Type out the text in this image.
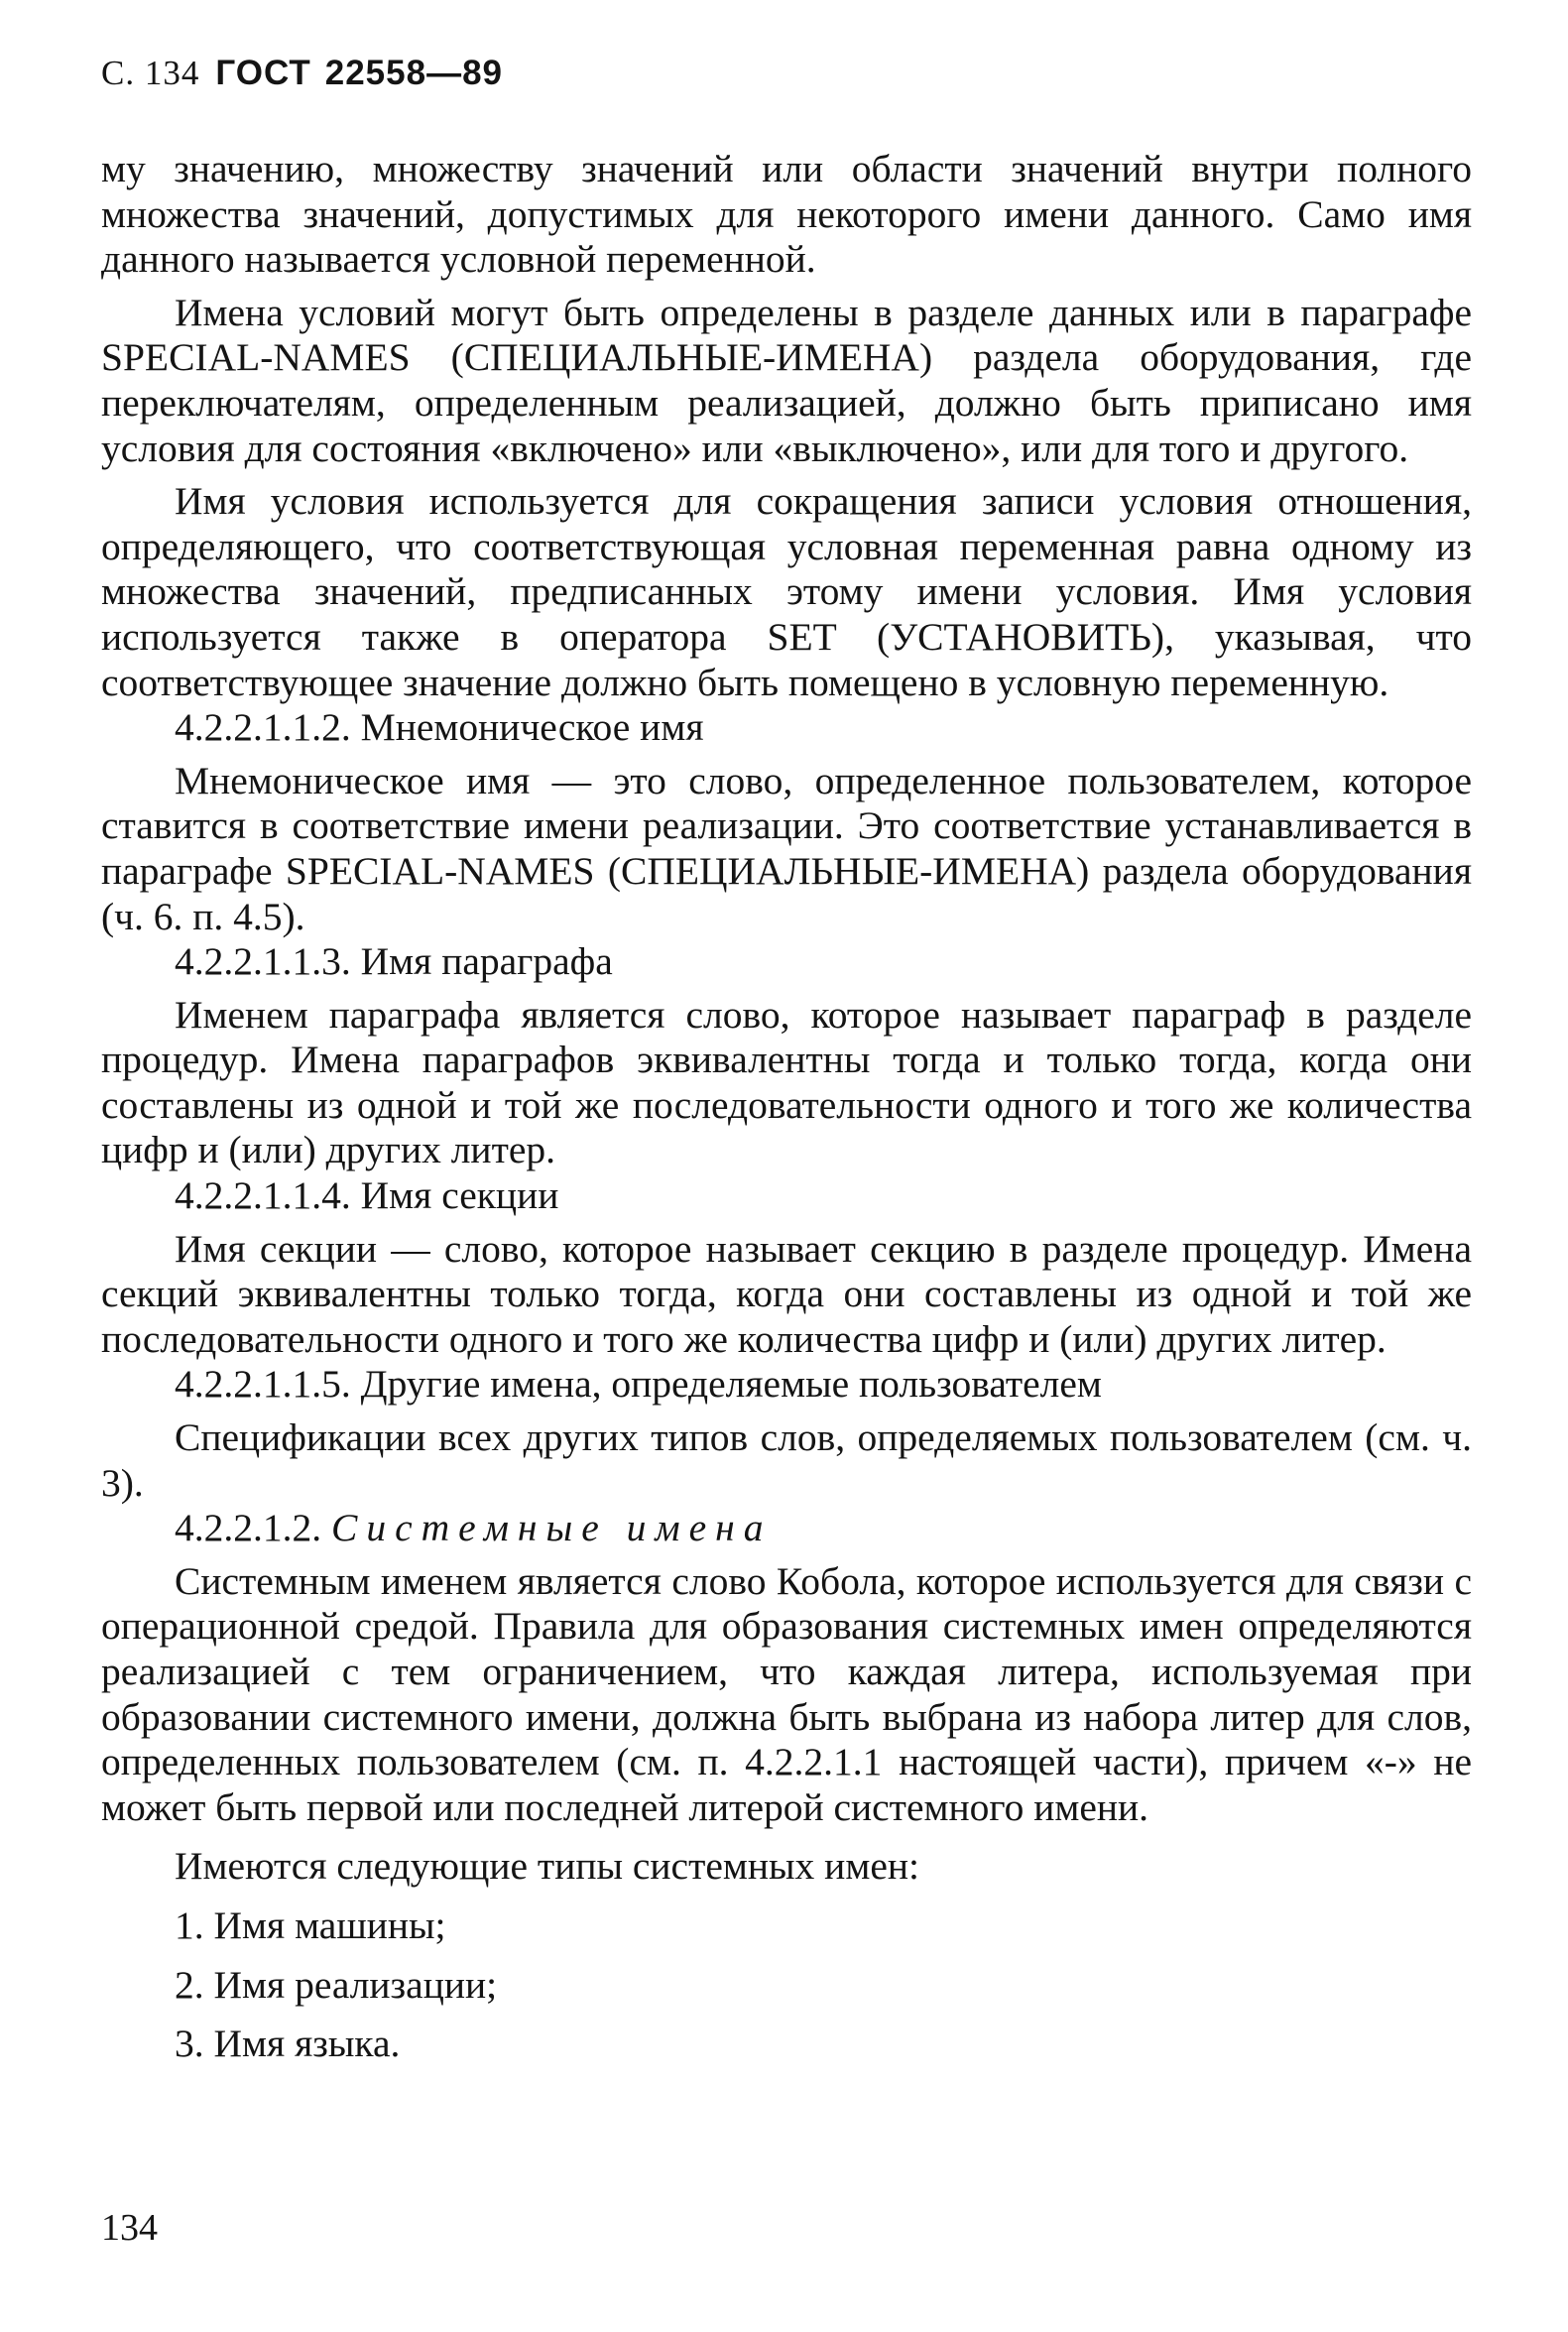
С. 134 ГОСТ 22558—89

му значению, множеству значений или области значений внутри полного множества значений, допустимых для некоторого имени данного. Само имя данного называется условной переменной.

Имена условий могут быть определены в разделе данных или в параграфе SPECIAL-NAMES (СПЕЦИАЛЬНЫЕ-ИМЕНА) раздела оборудования, где переключателям, определенным реализацией, должно быть приписано имя условия для состояния «включено» или «выключено», или для того и другого.

Имя условия используется для сокращения записи условия отношения, определяющего, что соответствующая условная переменная равна одному из множества значений, предписанных этому имени условия. Имя условия используется также в оператора SET (УСТАНОВИТЬ), указывая, что соответствующее значение должно быть помещено в условную переменную.

4.2.2.1.1.2. Мнемоническое имя

Мнемоническое имя — это слово, определенное пользователем, которое ставится в соответствие имени реализации. Это соответствие устанавливается в параграфе SPECIAL-NAMES (СПЕЦИАЛЬНЫЕ-ИМЕНА) раздела оборудования (ч. 6. п. 4.5).

4.2.2.1.1.3. Имя параграфа

Именем параграфа является слово, которое называет параграф в разделе процедур. Имена параграфов эквивалентны тогда и только тогда, когда они составлены из одной и той же последовательности одного и того же количества цифр и (или) других литер.

4.2.2.1.1.4. Имя секции

Имя секции — слово, которое называет секцию в разделе процедур. Имена секций эквивалентны только тогда, когда они составлены из одной и той же последовательности одного и того же количества цифр и (или) других литер.

4.2.2.1.1.5. Другие имена, определяемые пользователем

Спецификации всех других типов слов, определяемых пользователем (см. ч. 3).

4.2.2.1.2. Системные имена

Системным именем является слово Кобола, которое используется для связи с операционной средой. Правила для образования системных имен определяются реализацией с тем ограничением, что каждая литера, используемая при образовании системного имени, должна быть выбрана из набора литер для слов, определенных пользователем (см. п. 4.2.2.1.1 настоящей части), причем «-» не может быть первой или последней литерой системного имени.

Имеются следующие типы системных имен:

1. Имя машины;

2. Имя реализации;

3. Имя языка.

134
